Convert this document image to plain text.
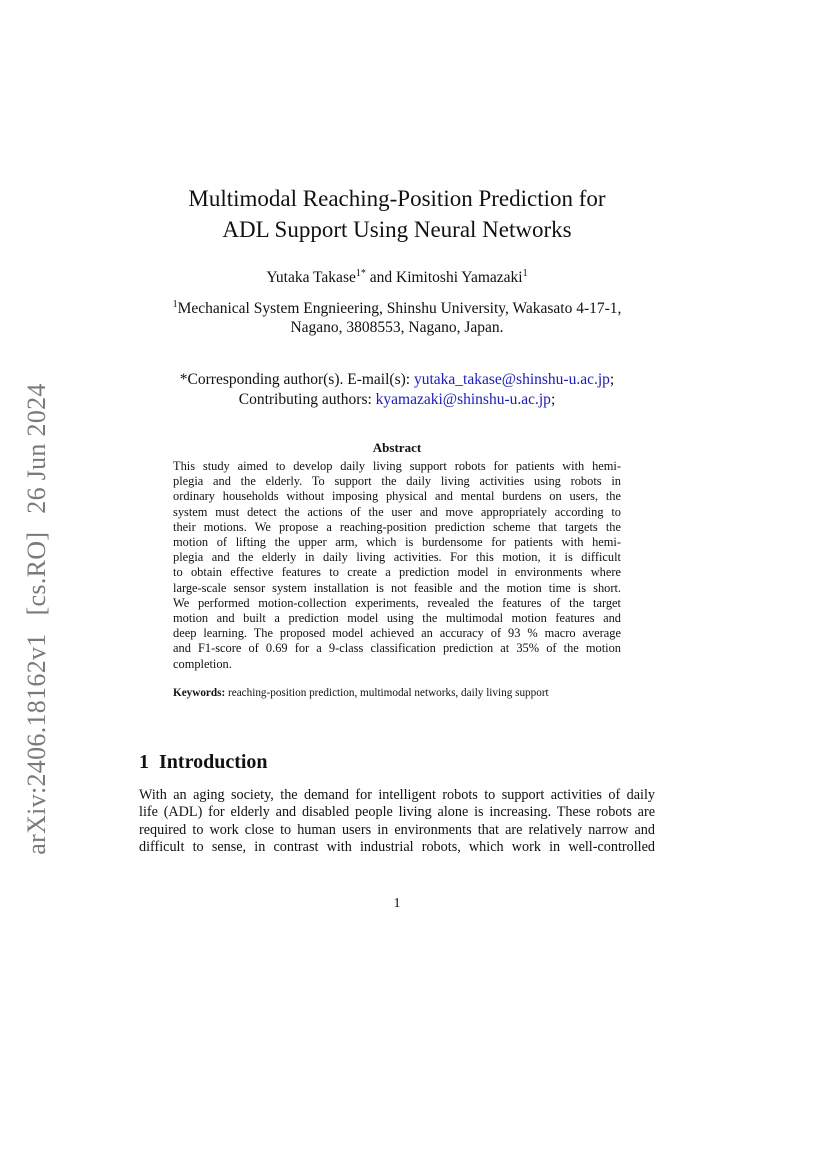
arXiv:2406.18162v1[cs.RO]26 Jun 2024
Multimodal Reaching-Position Prediction for
ADL Support Using Neural Networks
Yutaka Takase$^{1*}$ and Kimitoshi Yamazaki$^1$
$^1$Mechanical System Engnieering, Shinshu University, Wakasato 4-17-1,
Nagano, 3808553, Nagano, Japan.
*Corresponding author(s). E-mail(s): yutaka_takase@shinshu-u.ac.jp;
Contributing authors: kyamazaki@shinshu-u.ac.jp;
Abstract
This study aimed to develop daily living support robots for patients with hemi-
plegia and the elderly. To support the daily living activities using robots in
ordinary households without imposing physical and mental burdens on users, the
system must detect the actions of the user and move appropriately according to
their motions. We propose a reaching-position prediction scheme that targets the
motion of lifting the upper arm, which is burdensome for patients with hemi-
plegia and the elderly in daily living activities. For this motion, it is difficult
to obtain effective features to create a prediction model in environments where
large-scale sensor system installation is not feasible and the motion time is short.
We performed motion-collection experiments, revealed the features of the target
motion and built a prediction model using the multimodal motion features and
deep learning. The proposed model achieved an accuracy of 93 % macro average
and F1-score of 0.69 for a 9-class classification prediction at 35% of the motion
completion.
Keywords: reaching-position prediction, multimodal networks, daily living support
1 Introduction
With an aging society, the demand for intelligent robots to support activities of daily
life (ADL) for elderly and disabled people living alone is increasing. These robots are
required to work close to human users in environments that are relatively narrow and
difficult to sense, in contrast with industrial robots, which work in well-controlled
1
